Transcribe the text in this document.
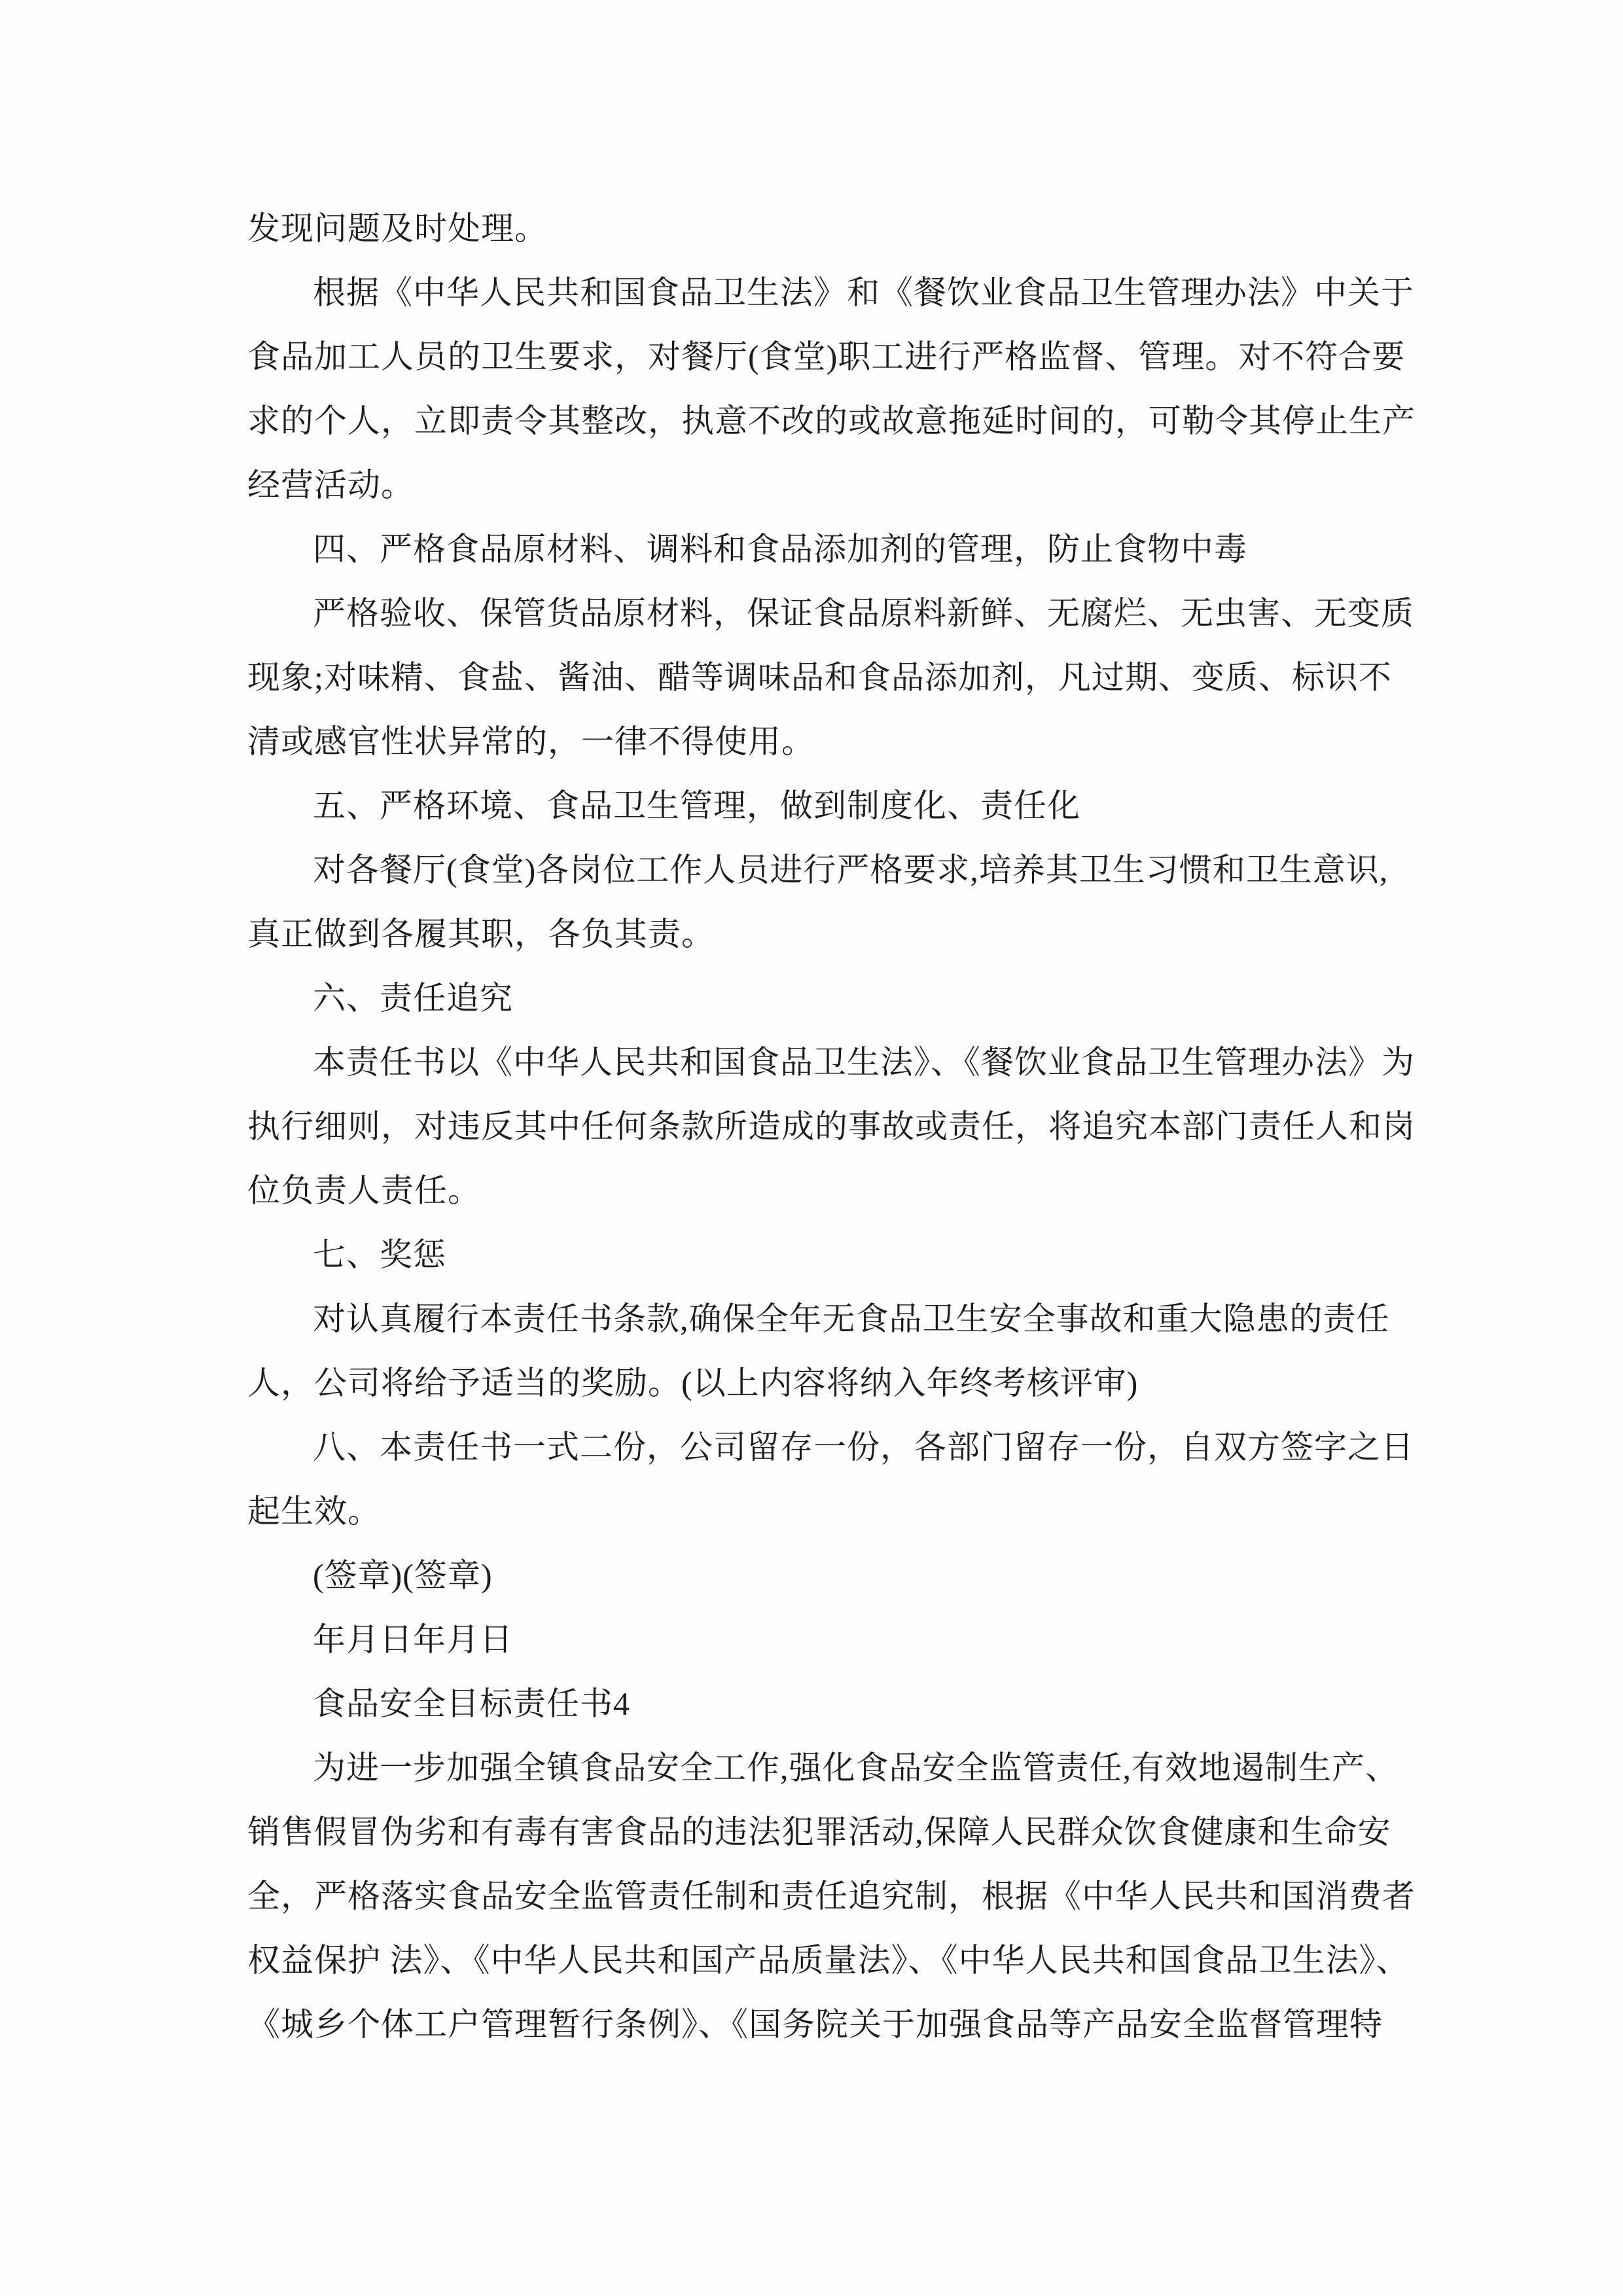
发现问题及时处理。
根据《中华人民共和国食品卫生法》和《餐饮业食品卫生管理办法》中关于
食品加工人员的卫生要求，对餐厅(食堂)职工进行严格监督、管理。对不符合要
求的个人，立即责令其整改，执意不改的或故意拖延时间的，可勒令其停止生产
经营活动。
四、严格食品原材料、调料和食品添加剂的管理，防止食物中毒
严格验收、保管货品原材料，保证食品原料新鲜、无腐烂、无虫害、无变质
现象;对味精、食盐、酱油、醋等调味品和食品添加剂，凡过期、变质、标识不
清或感官性状异常的，一律不得使用。
五、严格环境、食品卫生管理，做到制度化、责任化
对各餐厅(食堂)各岗位工作人员进行严格要求,培养其卫生习惯和卫生意识,
真正做到各履其职，各负其责。
六、责任追究
本责任书以《中华人民共和国食品卫生法》、《餐饮业食品卫生管理办法》为
执行细则，对违反其中任何条款所造成的事故或责任，将追究本部门责任人和岗
位负责人责任。
七、奖惩
对认真履行本责任书条款,确保全年无食品卫生安全事故和重大隐患的责任
人，公司将给予适当的奖励。(以上内容将纳入年终考核评审)
八、本责任书一式二份，公司留存一份，各部门留存一份，自双方签字之日
起生效。
(签章)(签章)
年月日年月日
食品安全目标责任书4
为进一步加强全镇食品安全工作,强化食品安全监管责任,有效地遏制生产、
销售假冒伪劣和有毒有害食品的违法犯罪活动,保障人民群众饮食健康和生命安
全，严格落实食品安全监管责任制和责任追究制，根据《中华人民共和国消费者
权益保护 法》、《中华人民共和国产品质量法》、《中华人民共和国食品卫生法》、
《城乡个体工户管理暂行条例》、《国务院关于加强食品等产品安全监督管理特
